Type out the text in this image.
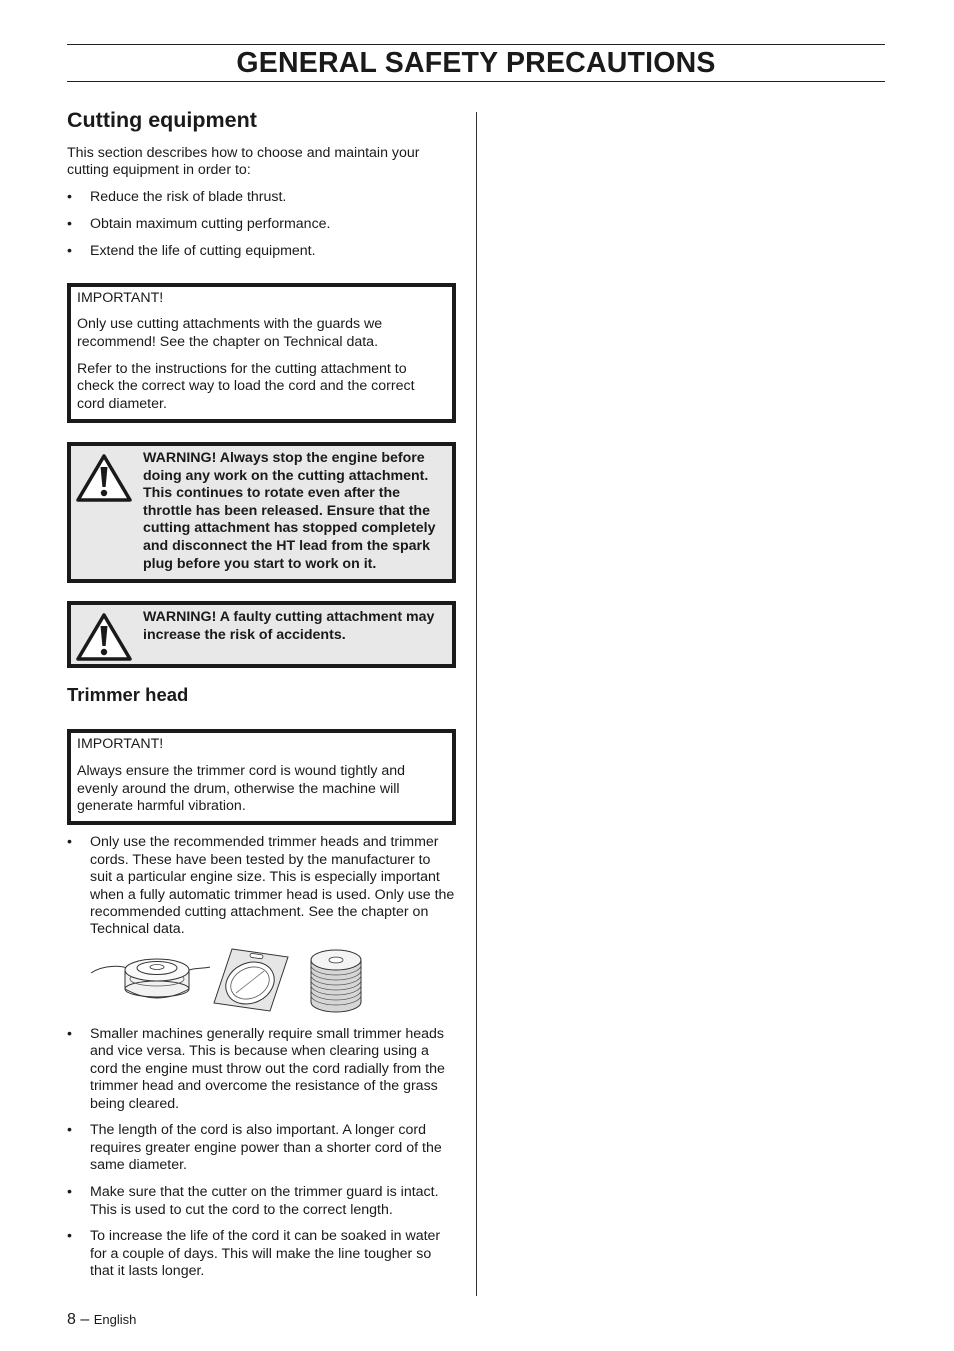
GENERAL SAFETY PRECAUTIONS
Cutting equipment

This section describes how to choose and maintain your cutting equipment in order to:

• Reduce the risk of blade thrust.
• Obtain maximum cutting performance.
• Extend the life of cutting equipment.

IMPORTANT!

Only use cutting attachments with the guards we recommend! See the chapter on Technical data.

Refer to the instructions for the cutting attachment to check the correct way to load the cord and the correct cord diameter.

WARNING! Always stop the engine before doing any work on the cutting attachment. This continues to rotate even after the throttle has been released. Ensure that the cutting attachment has stopped completely and disconnect the HT lead from the spark plug before you start to work on it.

WARNING! A faulty cutting attachment may increase the risk of accidents.

Trimmer head

IMPORTANT!

Always ensure the trimmer cord is wound tightly and evenly around the drum, otherwise the machine will generate harmful vibration.

• Only use the recommended trimmer heads and trimmer cords. These have been tested by the manufacturer to suit a particular engine size. This is especially important when a fully automatic trimmer head is used. Only use the recommended cutting attachment. See the chapter on Technical data.
• Smaller machines generally require small trimmer heads and vice versa. This is because when clearing using a cord the engine must throw out the cord radially from the trimmer head and overcome the resistance of the grass being cleared.
• The length of the cord is also important. A longer cord requires greater engine power than a shorter cord of the same diameter.
• Make sure that the cutter on the trimmer guard is intact. This is used to cut the cord to the correct length.
• To increase the life of the cord it can be soaked in water for a couple of days. This will make the line tougher so that it lasts longer.
8 – English
